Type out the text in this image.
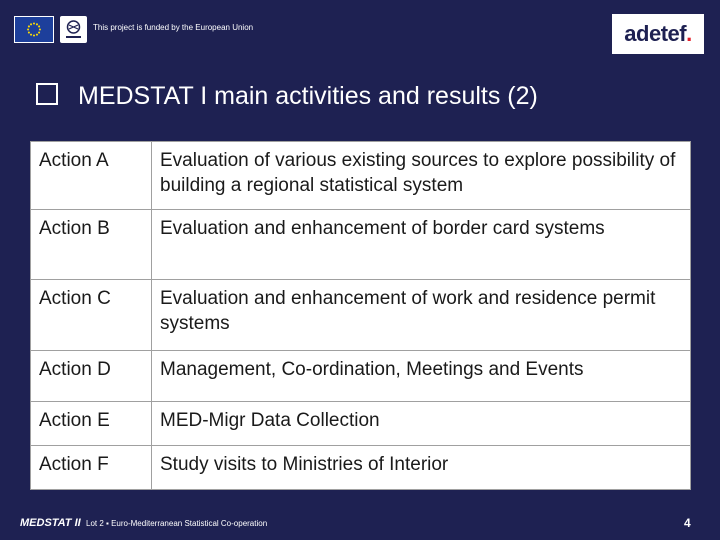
This project is funded by the European Union	adetef.
MEDSTAT I main activities and results (2)
Action A	Evaluation of various existing sources to explore possibility of building a regional statistical system
Action B	Evaluation and enhancement of border card systems
Action C	Evaluation and enhancement of work and residence permit systems
Action D	Management, Co-ordination, Meetings and Events
Action E	MED-Migr Data Collection
Action F	Study visits to Ministries of Interior
MEDSTAT II Lot 2 ▪ Euro-Mediterranean Statistical Co-operation	4
